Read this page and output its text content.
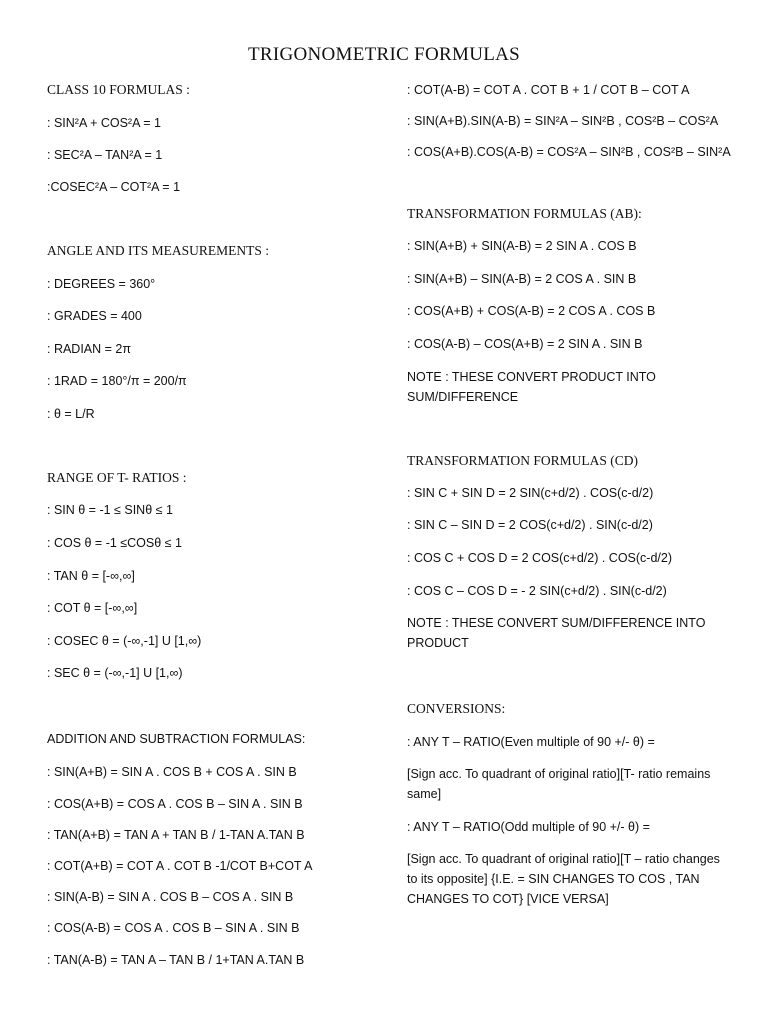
TRIGONOMETRIC FORMULAS
CLASS 10 FORMULAS :
: SIN²A + COS²A = 1
: SEC²A – TAN²A = 1
:COSEC²A – COT²A = 1
ANGLE AND ITS MEASUREMENTS :
: DEGREES = 360°
: GRADES = 400
: RADIAN = 2π
: 1RAD = 180°/π = 200/π
: θ = L/R
RANGE OF T- RATIOS :
: SIN θ = -1 ≤ SINθ ≤ 1
: COS θ = -1 ≤COSθ ≤ 1
: TAN θ = [-∞,∞]
: COT θ = [-∞,∞]
: COSEC θ = (-∞,-1] U [1,∞)
: SEC θ = (-∞,-1] U [1,∞)
ADDITION AND SUBTRACTION FORMULAS:
: SIN(A+B) = SIN A . COS B + COS A . SIN B
: COS(A+B) = COS A . COS B – SIN A . SIN B
: TAN(A+B) = TAN A + TAN B / 1-TAN A.TAN B
: COT(A+B) = COT A . COT B -1/COT B+COT A
: SIN(A-B) = SIN A . COS B – COS A . SIN B
: COS(A-B) = COS A . COS B – SIN A . SIN B
: TAN(A-B) = TAN A – TAN B / 1+TAN A.TAN B
: COT(A-B) = COT A . COT B + 1 / COT B – COT A
: SIN(A+B).SIN(A-B) = SIN²A – SIN²B , COS²B – COS²A
: COS(A+B).COS(A-B) = COS²A – SIN²B , COS²B – SIN²A
TRANSFORMATION FORMULAS (AB):
: SIN(A+B) + SIN(A-B) = 2 SIN A . COS B
: SIN(A+B) – SIN(A-B) = 2 COS A . SIN B
: COS(A+B) + COS(A-B) = 2 COS A . COS B
: COS(A-B) – COS(A+B) = 2 SIN A . SIN B
NOTE : THESE CONVERT PRODUCT INTO SUM/DIFFERENCE
TRANSFORMATION FORMULAS (CD)
: SIN C + SIN D = 2 SIN(c+d/2) . COS(c-d/2)
: SIN C – SIN D = 2 COS(c+d/2) . SIN(c-d/2)
: COS C + COS D = 2 COS(c+d/2) . COS(c-d/2)
: COS C – COS D = - 2 SIN(c+d/2) . SIN(c-d/2)
NOTE : THESE CONVERT SUM/DIFFERENCE INTO PRODUCT
CONVERSIONS:
: ANY T – RATIO(Even multiple of 90 +/- θ) =
[Sign acc. To quadrant of original ratio][T- ratio remains same]
: ANY T – RATIO(Odd multiple of 90 +/- θ) =
[Sign acc. To quadrant of original ratio][T – ratio changes to its opposite] {I.E. = SIN CHANGES TO COS , TAN CHANGES TO COT} [VICE VERSA]
